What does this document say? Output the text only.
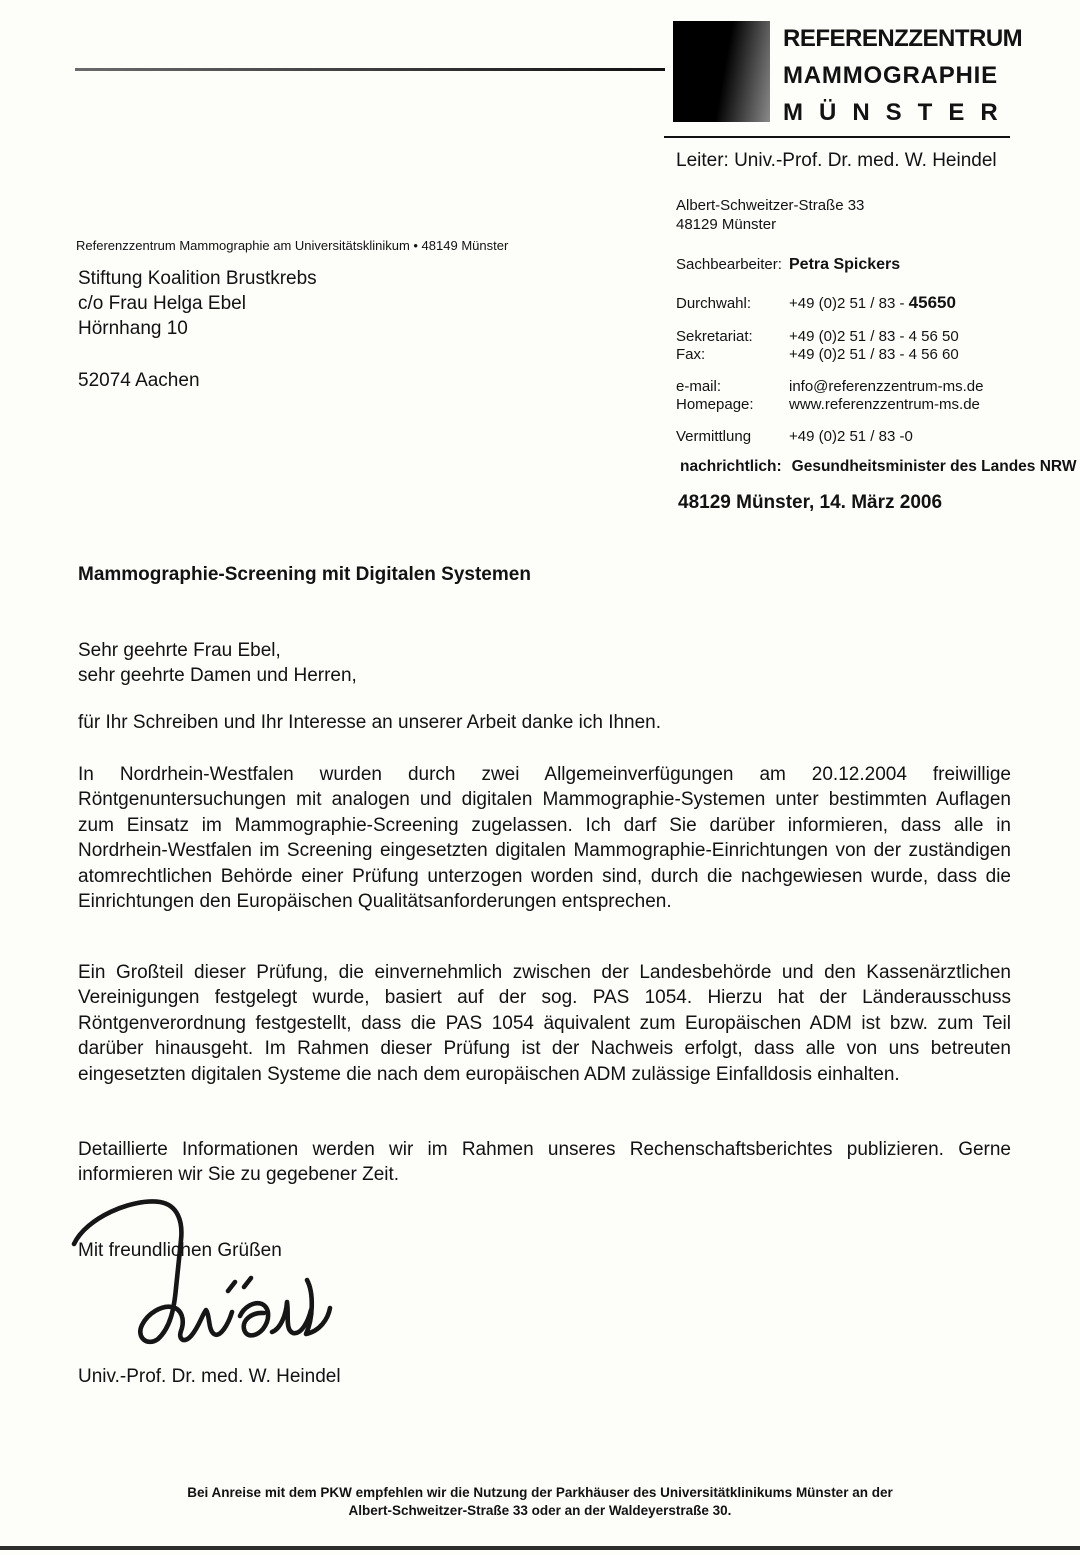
REFERENZZENTRUM
MAMMOGRAPHIE
MÜNSTER
Leiter: Univ.-Prof. Dr. med. W. Heindel
Albert-Schweitzer-Straße 33
48129 Münster
Sachbearbeiter: Petra Spickers
Durchwahl:	+49 (0)2 51 / 83 - 45650
Sekretariat: +49 (0)2 51 / 83 - 4 56 50
Fax:	+49 (0)2 51 / 83 - 4 56 60
e-mail:	info@referenzzentrum-ms.de
Homepage: www.referenzzentrum-ms.de
Vermittlung	+49 (0)2 51 / 83 -0
nachrichtlich: Gesundheitsminister des Landes NRW
48129 Münster, 14. März 2006
Referenzzentrum Mammographie am Universitätsklinikum • 48149 Münster
Stiftung Koalition Brustkrebs
c/o Frau Helga Ebel
Hörnhang 10
52074 Aachen
Mammographie-Screening mit Digitalen Systemen
Sehr geehrte Frau Ebel,
sehr geehrte Damen und Herren,
für Ihr Schreiben und Ihr Interesse an unserer Arbeit danke ich Ihnen.
In Nordrhein-Westfalen wurden durch zwei Allgemeinverfügungen am 20.12.2004 freiwillige Röntgenuntersuchungen mit analogen und digitalen Mammographie-Systemen unter bestimmten Auflagen zum Einsatz im Mammographie-Screening zugelassen. Ich darf Sie darüber informieren, dass alle in Nordrhein-Westfalen im Screening eingesetzten digitalen Mammographie-Einrichtungen von der zuständigen atomrechtlichen Behörde einer Prüfung unterzogen worden sind, durch die nachgewiesen wurde, dass die Einrichtungen den Europäischen Qualitätsanforderungen entsprechen.
Ein Großteil dieser Prüfung, die einvernehmlich zwischen der Landesbehörde und den Kassenärztlichen Vereinigungen festgelegt wurde, basiert auf der sog. PAS 1054. Hierzu hat der Länderausschuss Röntgenverordnung festgestellt, dass die PAS 1054 äquivalent zum Europäischen ADM ist bzw. zum Teil darüber hinausgeht. Im Rahmen dieser Prüfung ist der Nachweis erfolgt, dass alle von uns betreuten eingesetzten digitalen Systeme die nach dem europäischen ADM zulässige Einfalldosis einhalten.
Detaillierte Informationen werden wir im Rahmen unseres Rechenschaftsberichtes publizieren. Gerne informieren wir Sie zu gegebener Zeit.
Mit freundlichen Grüßen
Univ.-Prof. Dr. med. W. Heindel
Bei Anreise mit dem PKW empfehlen wir die Nutzung der Parkhäuser des Universitätklinikums Münster an der
Albert-Schweitzer-Straße 33 oder an der Waldeyerstraße 30.
